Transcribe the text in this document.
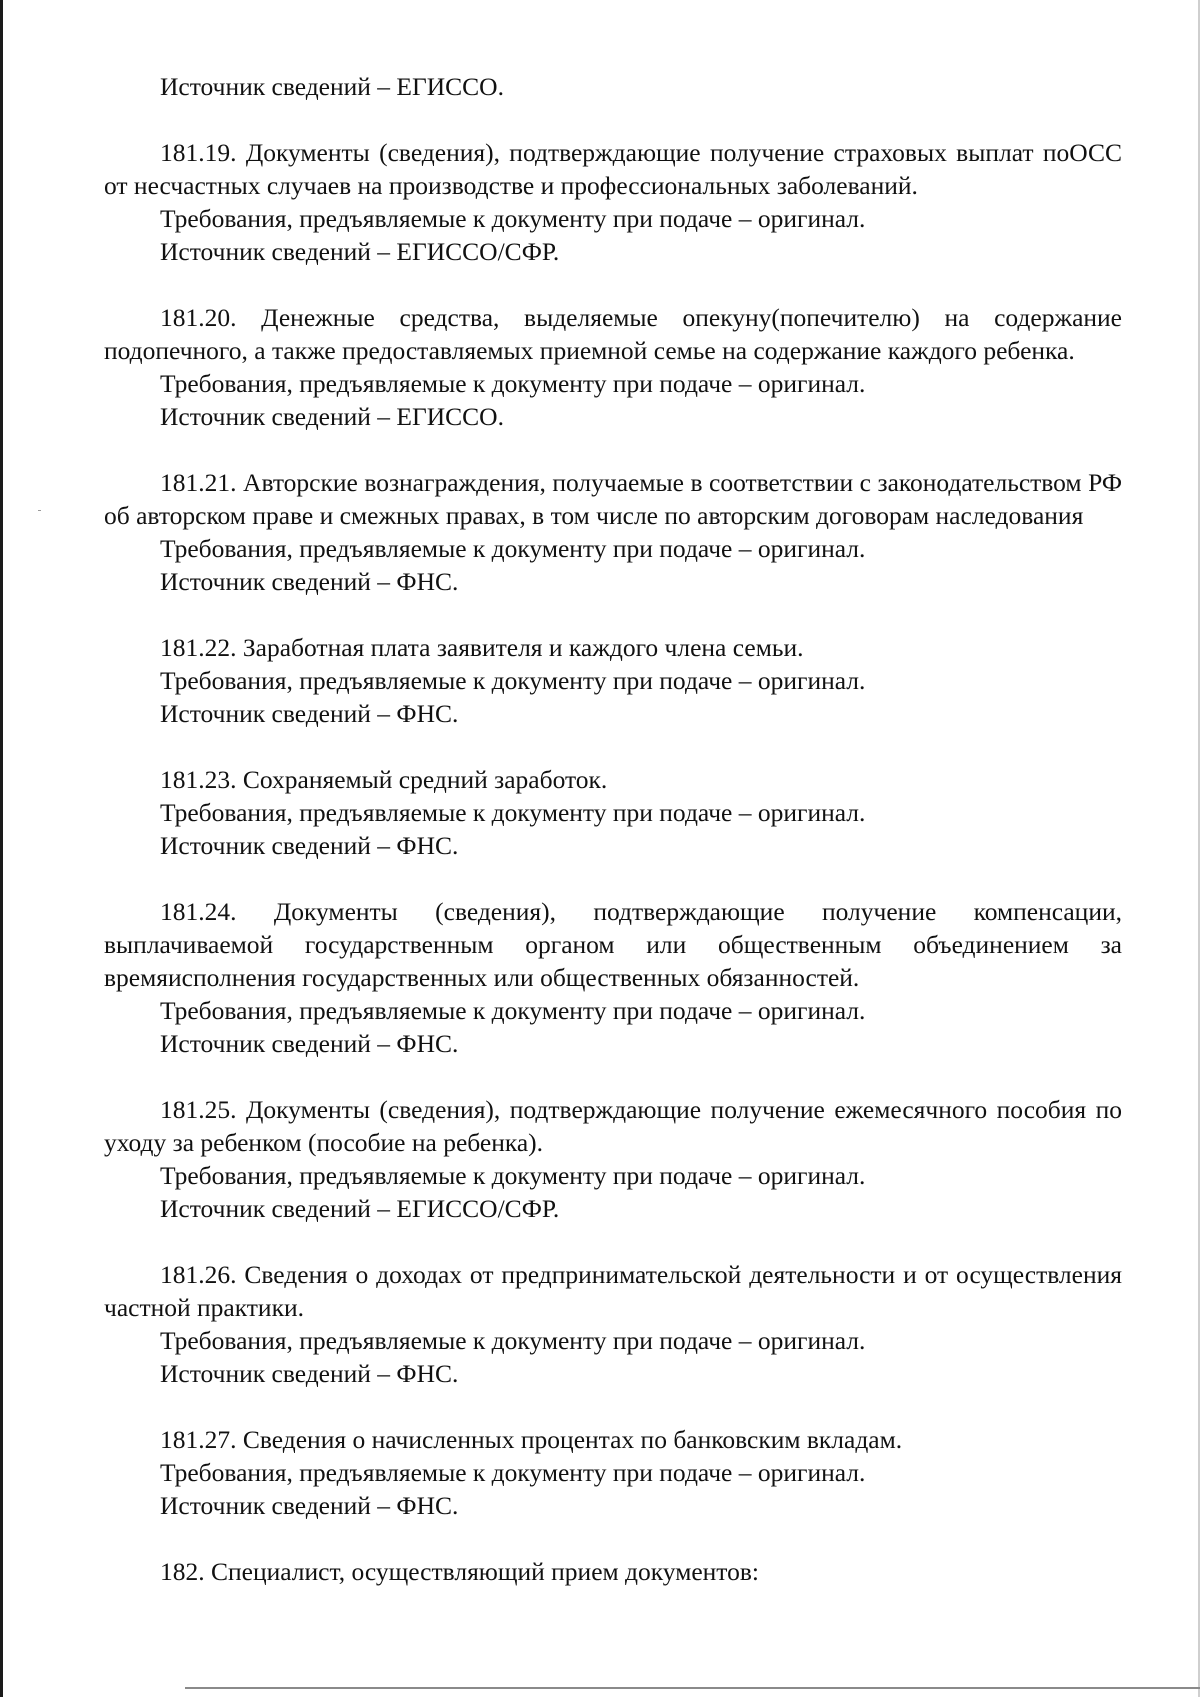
Источник сведений – ЕГИССО.

181.19. Документы (сведения), подтверждающие получение страховых выплат поОСС от несчастных случаев на производстве и профессиональных заболеваний.

Требования, предъявляемые к документу при подаче – оригинал.

Источник сведений – ЕГИССО/СФР.

181.20. Денежные средства, выделяемые опекуну(попечителю) на содержание подопечного, а также предоставляемых приемной семье на содержание каждого ребенка.

Требования, предъявляемые к документу при подаче – оригинал.

Источник сведений – ЕГИССО.

181.21. Авторские вознаграждения, получаемые в соответствии с законодательством РФ об авторском праве и смежных правах, в том числе по авторским договорам наследования

Требования, предъявляемые к документу при подаче – оригинал.

Источник сведений – ФНС.

181.22. Заработная плата заявителя и каждого члена семьи.

Требования, предъявляемые к документу при подаче – оригинал.

Источник сведений – ФНС.

181.23. Сохраняемый средний заработок.

Требования, предъявляемые к документу при подаче – оригинал.

Источник сведений – ФНС.

181.24. Документы (сведения), подтверждающие получение компенсации, выплачиваемой государственным органом или общественным объединением за времяисполнения государственных или общественных обязанностей.

Требования, предъявляемые к документу при подаче – оригинал.

Источник сведений – ФНС.

181.25. Документы (сведения), подтверждающие получение ежемесячного пособия по уходу за ребенком (пособие на ребенка).

Требования, предъявляемые к документу при подаче – оригинал.

Источник сведений – ЕГИССО/СФР.

181.26. Сведения о доходах от предпринимательской деятельности и от осуществления частной практики.

Требования, предъявляемые к документу при подаче – оригинал.

Источник сведений – ФНС.

181.27. Сведения о начисленных процентах по банковским вкладам.

Требования, предъявляемые к документу при подаче – оригинал.

Источник сведений – ФНС.

182. Специалист, осуществляющий прием документов:
